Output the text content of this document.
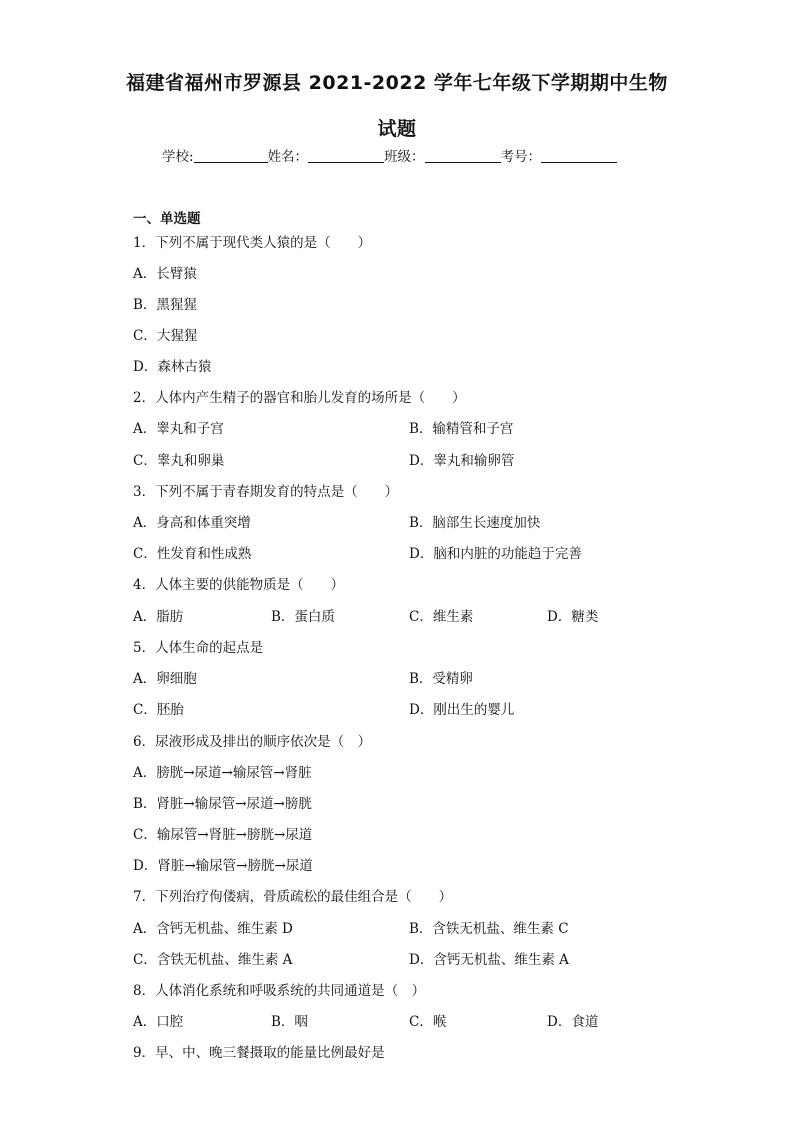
福建省福州市罗源县 2021-2022 学年七年级下学期期中生物
试题
学校:	姓名：	班级：	考号：
一、单选题
1．下列不属于现代类人猿的是（　　）
A．长臂猿
B．黑猩猩
C．大猩猩
D．森林古猿
2．人体内产生精子的器官和胎儿发育的场所是（　　）
A．睾丸和子宫	B．输精管和子宫
C．睾丸和卵巢	D．睾丸和输卵管
3．下列不属于青春期发育的特点是（　　）
A．身高和体重突增	B．脑部生长速度加快
C．性发育和性成熟	D．脑和内脏的功能趋于完善
4．人体主要的供能物质是（　　）
A．脂肪	B．蛋白质	C．维生素	D．糖类
5．人体生命的起点是
A．卵细胞	B．受精卵
C．胚胎	D．刚出生的婴儿
6．尿液形成及排出的顺序依次是（　）
A．膀胱→尿道→输尿管→肾脏
B．肾脏→输尿管→尿道→膀胱
C．输尿管→肾脏→膀胱→尿道
D．肾脏→输尿管→膀胱→尿道
7．下列治疗佝偻病，骨质疏松的最佳组合是（　　）
A．含钙无机盐、维生素 D	B．含铁无机盐、维生素 C
C．含铁无机盐、维生素 A	D．含钙无机盐、维生素 A
8．人体消化系统和呼吸系统的共同通道是（　）
A．口腔	B．咽	C．喉	D．食道
9．早、中、晚三餐摄取的能量比例最好是
